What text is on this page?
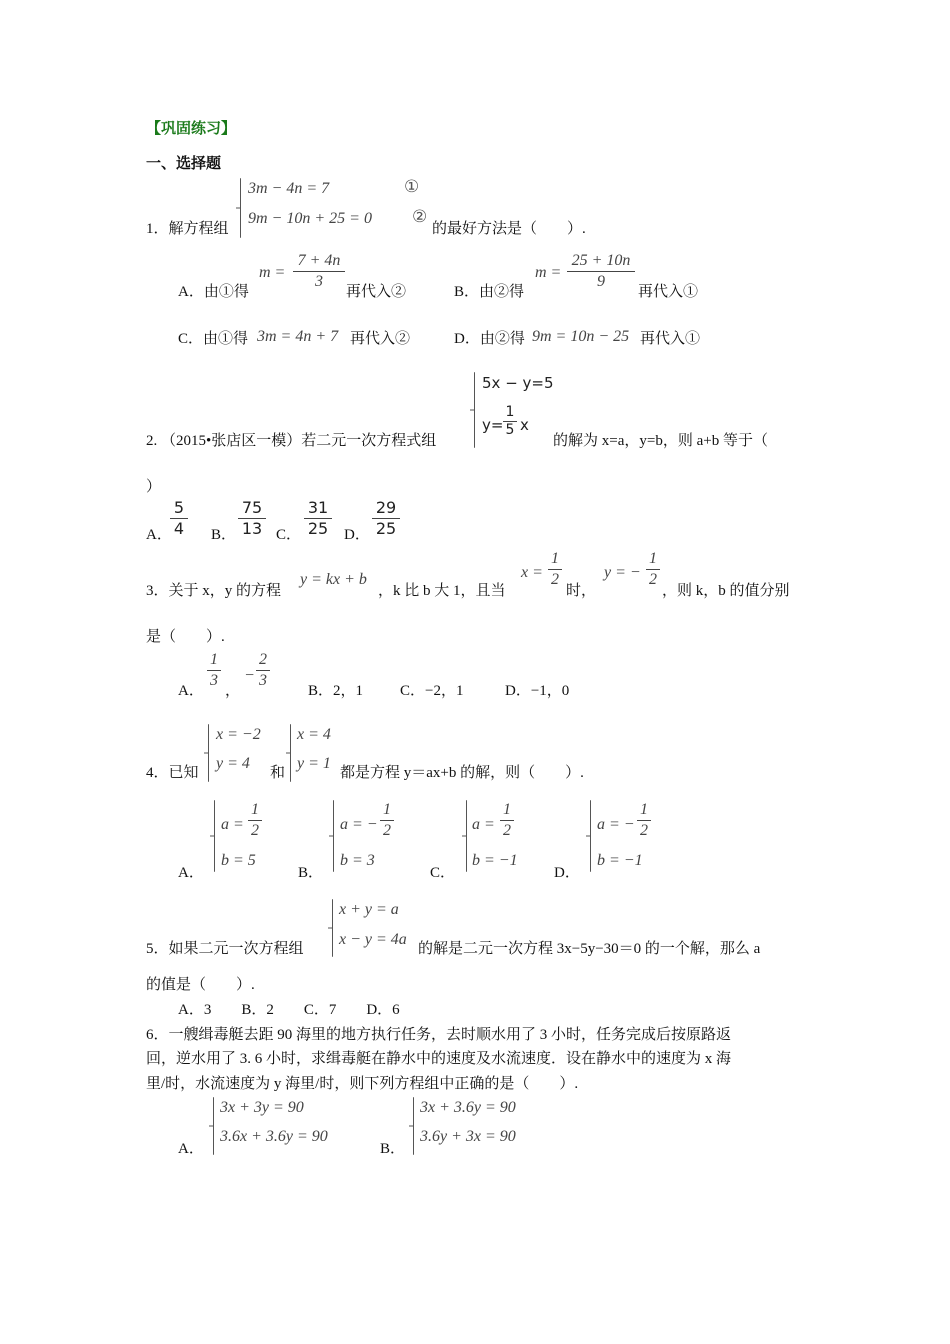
【巩固练习】
一、选择题
1．解方程组
3m − 4n = 7
9m − 10n + 25 = 0
①
②
的最好方法是（　　）.
A．由①得
m =
7 + 4n
3
再代入②	B．由②得
m =
25 + 10n
9
再代入①
C．由①得 3m = 4n + 7 再代入②	D．由②得 9m = 10n − 25 再代入①
2. （2015•张店区一模）若二元一次方程式组
5x − y=5
y=
1
5 x
的解为 x=a，y=b，则 a+b 等于（
）
A．
5
4 B．
75
13 C．
31
25 D．
29
25
3．关于 x，y 的方程
y = kx + b
，k 比 b 大 1，且当
x =
1
2
时，
y = −
1
2
，则 k，b 的值分别
是（　　）.
A．
1
3
，
−
2
3
B．2，1 C．−2，1	D．−1，0
4．已知
x = −2
y = 4
和
x = 4
y = 1
都是方程 y＝ax+b 的解，则（　　）.
A．
a =
1
2
b = 5
B．
a = −
1
2
b = 3
C．
a =
1
2
b = −1
D．
a = −
1
2
b = −1
5．如果二元一次方程组
x + y = a
x − y = 4a
的解是二元一次方程 3x−5y−30＝0 的一个解，那么 a
的值是（　　）.
A．3　　B．2　　C．7　　D．6
6．一艘缉毒艇去距 90 海里的地方执行任务，去时顺水用了 3 小时，任务完成后按原路返
回，逆水用了 3. 6 小时，求缉毒艇在静水中的速度及水流速度．设在静水中的速度为 x 海
里/时，水流速度为 y 海里/时，则下列方程组中正确的是（　　）.
A．
3x + 3y = 90
3.6x + 3.6y = 90
B．
3x + 3.6y = 90
3.6y + 3x = 90
